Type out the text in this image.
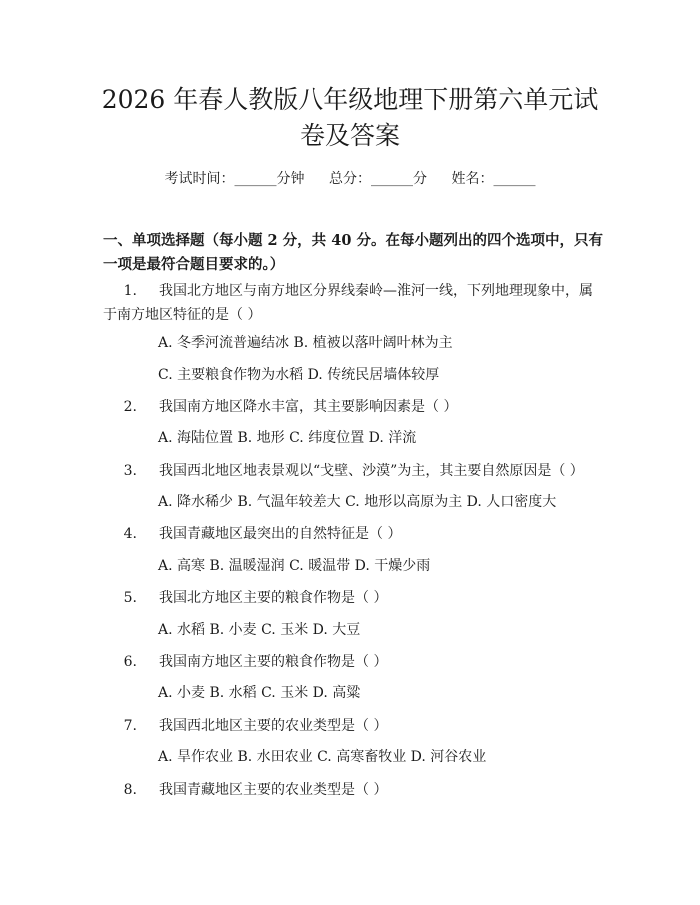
2026 年春人教版八年级地理下册第六单元试
卷及答案
考试时间：______分钟 总分：______分 姓名：______
一、单项选择题（每小题 2 分，共 40 分。在每小题列出的四个选项中，只有一项是最符合题目要求的。）
1. 我国北方地区与南方地区分界线秦岭—淮河一线，下列地理现象中，属于南方地区特征的是（ ）
A. 冬季河流普遍结冰 B. 植被以落叶阔叶林为主
C. 主要粮食作物为水稻 D. 传统民居墙体较厚
2. 我国南方地区降水丰富，其主要影响因素是（ ）
A. 海陆位置 B. 地形 C. 纬度位置 D. 洋流
3. 我国西北地区地表景观以“戈壁、沙漠”为主，其主要自然原因是（ ）
A. 降水稀少 B. 气温年较差大 C. 地形以高原为主 D. 人口密度大
4. 我国青藏地区最突出的自然特征是（ ）
A. 高寒 B. 温暖湿润 C. 暖温带 D. 干燥少雨
5. 我国北方地区主要的粮食作物是（ ）
A. 水稻 B. 小麦 C. 玉米 D. 大豆
6. 我国南方地区主要的粮食作物是（ ）
A. 小麦 B. 水稻 C. 玉米 D. 高粱
7. 我国西北地区主要的农业类型是（ ）
A. 旱作农业 B. 水田农业 C. 高寒畜牧业 D. 河谷农业
8. 我国青藏地区主要的农业类型是（ ）
